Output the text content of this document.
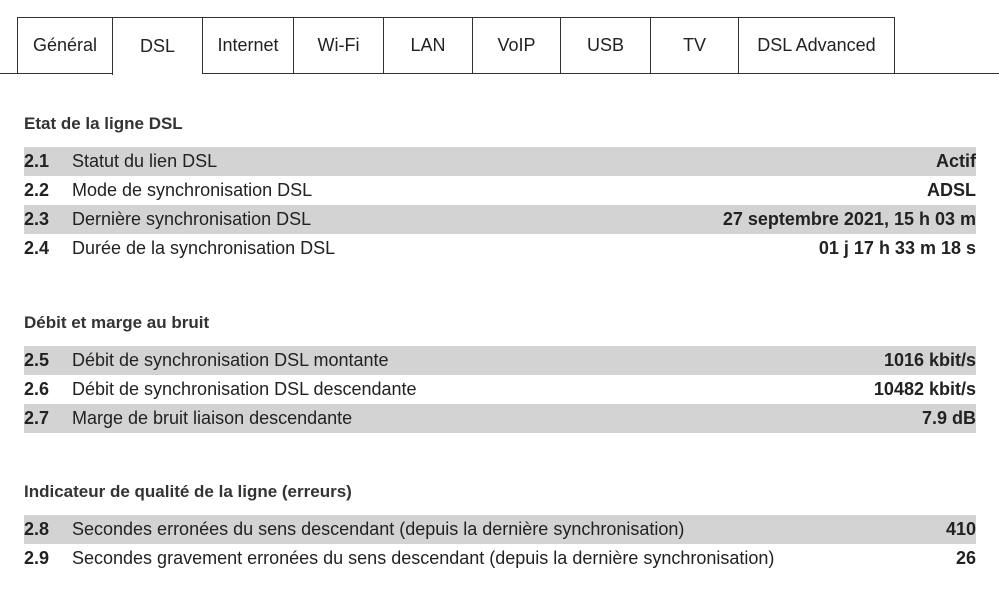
Général	DSL	Internet	Wi-Fi	LAN	VoIP	USB	TV	DSL Advanced
Etat de la ligne DSL
2.1	Statut du lien DSL	Actif
2.2	Mode de synchronisation DSL	ADSL
2.3	Dernière synchronisation DSL	27 septembre 2021, 15 h 03 m
2.4	Durée de la synchronisation DSL	01 j 17 h 33 m 18 s
Débit et marge au bruit
2.5	Débit de synchronisation DSL montante	1016 kbit/s
2.6	Débit de synchronisation DSL descendante	10482 kbit/s
2.7	Marge de bruit liaison descendante	7.9 dB
Indicateur de qualité de la ligne (erreurs)
2.8	Secondes erronées du sens descendant (depuis la dernière synchronisation)	410
2.9	Secondes gravement erronées du sens descendant (depuis la dernière synchronisation)	26
